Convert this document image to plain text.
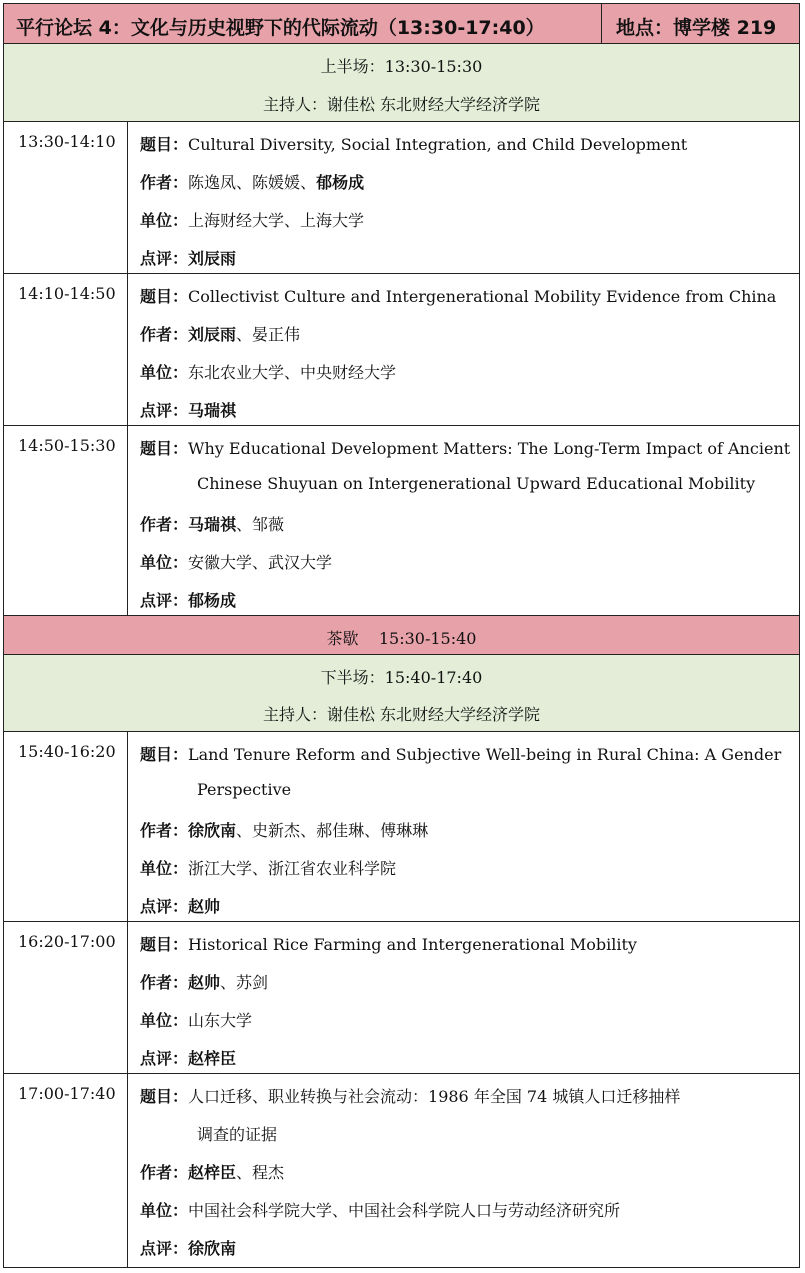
平行论坛 4：文化与历史视野下的代际流动（13:30-17:40）	地点：博学楼 219
上半场：13:30-15:30
主持人：谢佳松 东北财经大学经济学院
13:30-14:10 题目：Cultural Diversity, Social Integration, and Child Development
作者：陈逸凤、陈媛媛、郁杨成
单位：上海财经大学、上海大学
点评：刘辰雨
14:10-14:50 题目：Collectivist Culture and Intergenerational Mobility Evidence from China
作者：刘辰雨、晏正伟
单位：东北农业大学、中央财经大学
点评：马瑞祺
14:50-15:30 题目：Why Educational Development Matters: The Long-Term Impact of Ancient
Chinese Shuyuan on Intergenerational Upward Educational Mobility
作者：马瑞祺、邹薇
单位：安徽大学、武汉大学
点评：郁杨成
茶歇    15:30-15:40
下半场：15:40-17:40
主持人：谢佳松 东北财经大学经济学院
15:40-16:20 题目：Land Tenure Reform and Subjective Well-being in Rural China: A Gender
Perspective
作者：徐欣南、史新杰、郝佳琳、傅琳琳
单位：浙江大学、浙江省农业科学院
点评：赵帅
16:20-17:00 题目：Historical Rice Farming and Intergenerational Mobility
作者：赵帅、苏剑
单位：山东大学
点评：赵梓臣
17:00-17:40 题目：人口迁移、职业转换与社会流动：1986 年全国 74 城镇人口迁移抽样
调查的证据
作者：赵梓臣、程杰
单位：中国社会科学院大学、中国社会科学院人口与劳动经济研究所
点评：徐欣南
